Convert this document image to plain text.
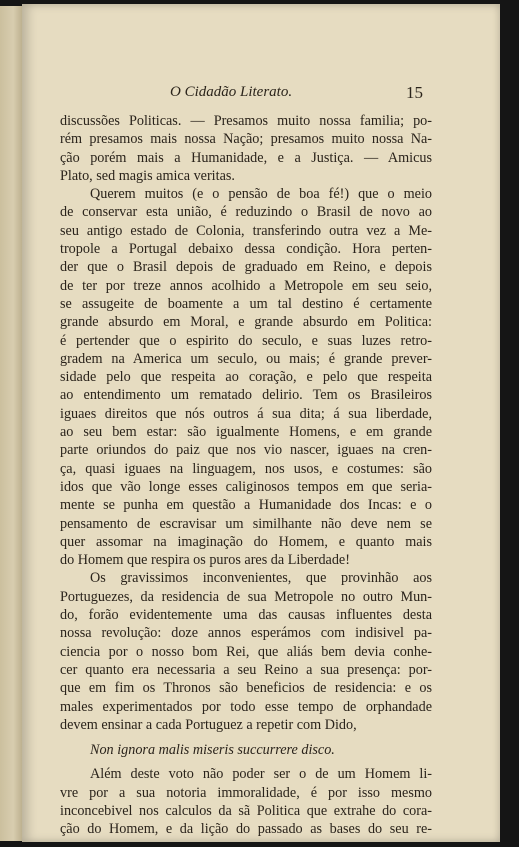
O Cidadão Literato.	15
discussões Politicas. — Presamos muito nossa familia; po-
rém presamos mais nossa Nação; presamos muito nossa Na-
ção porém mais a Humanidade, e a Justiça. — Amicus
Plato, sed magis amica veritas.
Querem muitos (e o pensão de boa fé!) que o meio
de conservar esta união, é reduzindo o Brasil de novo ao
seu antigo estado de Colonia, transferindo outra vez a Me-
tropole a Portugal debaixo dessa condição. Hora perten-
der que o Brasil depois de graduado em Reino, e depois
de ter por treze annos acolhido a Metropole em seu seio,
se assugeite de boamente a um tal destino é certamente
grande absurdo em Moral, e grande absurdo em Politica:
é pertender que o espirito do seculo, e suas luzes retro-
gradem na America um seculo, ou mais; é grande prever-
sidade pelo que respeita ao coração, e pelo que respeita
ao entendimento um rematado delirio. Tem os Brasileiros
iguaes direitos que nós outros á sua dita; á sua liberdade,
ao seu bem estar: são igualmente Homens, e em grande
parte oriundos do paiz que nos vio nascer, iguaes na cren-
ça, quasi iguaes na linguagem, nos usos, e costumes: são
idos que vão longe esses caliginosos tempos em que seria-
mente se punha em questão a Humanidade dos Incas: e o
pensamento de escravisar um similhante não deve nem se
quer assomar na imaginação do Homem, e quanto mais
do Homem que respira os puros ares da Liberdade!
Os gravissimos inconvenientes, que provinhão aos
Portuguezes, da residencia de sua Metropole no outro Mun-
do, forão evidentemente uma das causas influentes desta
nossa revolução: doze annos esperámos com indisivel pa-
ciencia por o nosso bom Rei, que aliás bem devia conhe-
cer quanto era necessaria a seu Reino a sua presença: por-
que em fim os Thronos são beneficios de residencia: e os
males experimentados por todo esse tempo de orphandade
devem ensinar a cada Portuguez a repetir com Dido,
Non ignora malis miseris succurrere disco.
Além deste voto não poder ser o de um Homem li-
vre por a sua notoria immoralidade, é por isso mesmo
inconcebivel nos calculos da sã Politica que extrahe do cora-
ção do Homem, e da lição do passado as bases do seu re-
